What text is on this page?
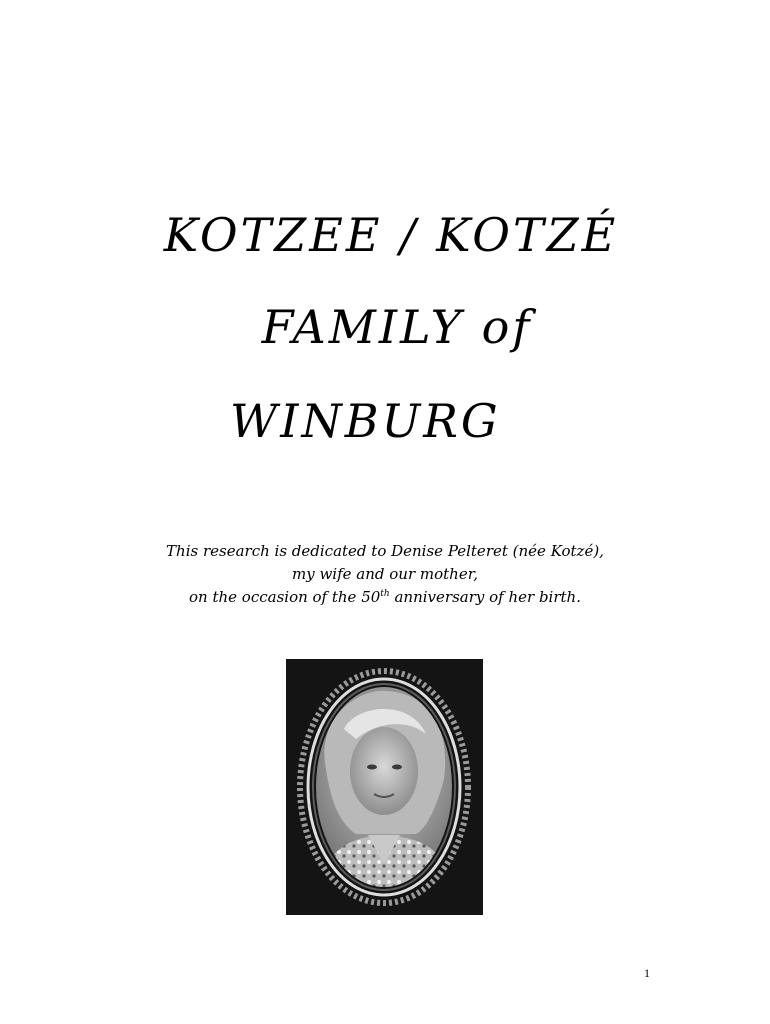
KOTZEE / KOTZÉ
FAMILY of
WINBURG
This research is dedicated to Denise Pelteret (née Kotzé),
my wife and our mother,
on the occasion of the 50th anniversary of her birth.
1
